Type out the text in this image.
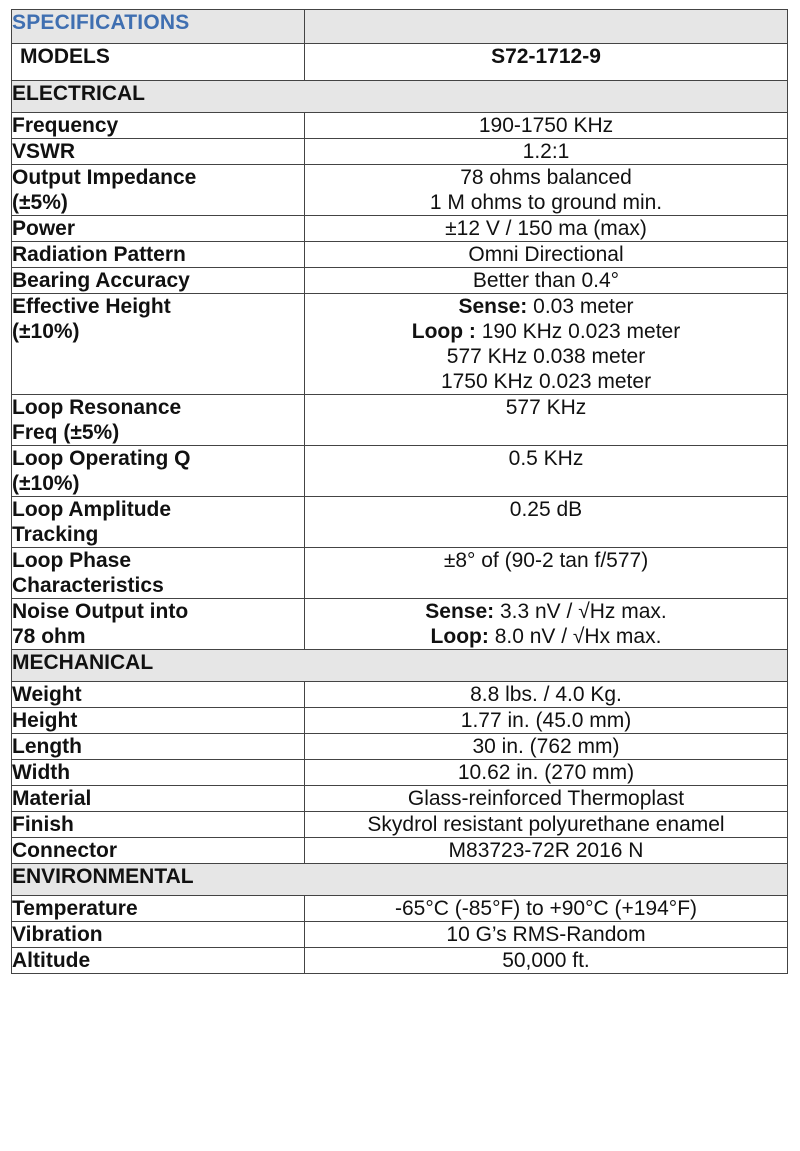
SPECIFICATIONS	
MODELS	S72-1712-9
ELECTRICAL	

Frequency	190-1750 KHz

VSWR	1.2:1

Output Impedance
(±5%)	78 ohms balanced
1 M ohms to ground min.

Power	±12 V / 150 ma (max)

Radiation Pattern	Omni Directional

Bearing Accuracy	Better than 0.4°

Effective Height
(±10%)	Sense: 0.03 meter
Loop : 190 KHz 0.023 meter
577 KHz 0.038 meter
1750 KHz 0.023 meter

Loop Resonance
Freq (±5%)	577 KHz

Loop Operating Q
(±10%)	0.5 KHz

Loop Amplitude
Tracking	0.25 dB

Loop Phase
Characteristics	±8° of (90-2 tan f/577)

Noise Output into
78 ohm	Sense: 3.3 nV / √Hz max.
Loop: 8.0 nV / √Hx max.

MECHANICAL	

Weight	8.8 lbs. / 4.0 Kg.

Height	1.77 in. (45.0 mm)

Length	30 in. (762 mm)

Width	10.62 in. (270 mm)

Material	Glass-reinforced Thermoplast

Finish	Skydrol resistant polyurethane enamel

Connector	M83723-72R 2016 N

ENVIRONMENTAL	

Temperature	-65°C (-85°F) to +90°C (+194°F)

Vibration	10 G’s RMS-Random

Altitude	50,000 ft.
